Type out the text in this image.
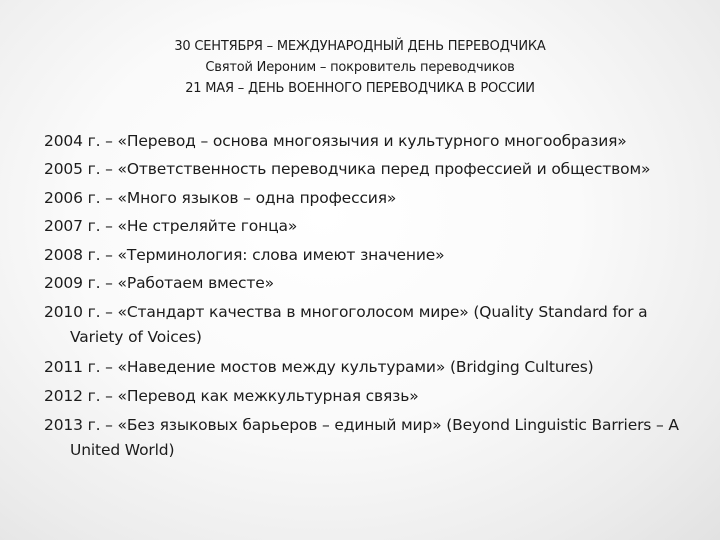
30 СЕНТЯБРЯ – МЕЖДУНАРОДНЫЙ ДЕНЬ ПЕРЕВОДЧИКА
Святой Иероним – покровитель переводчиков
21 МАЯ – ДЕНЬ ВОЕННОГО ПЕРЕВОДЧИКА В РОССИИ
2004 г. – «Перевод – основа многоязычия и культурного многообразия»
2005 г. – «Ответственность переводчика перед профессией и обществом»
2006 г. – «Много языков – одна профессия»
2007 г. – «Не стреляйте гонца»
2008 г. – «Терминология: слова имеют значение»
2009 г. – «Работаем вместе»
2010 г. – «Стандарт качества в многоголосом мире» (Quality Standard for a Variety of Voices)
2011 г. – «Наведение мостов между культурами» (Bridging Cultures)
2012 г. – «Перевод как межкультурная связь»
2013 г. – «Без языковых барьеров – единый мир» (Beyond Linguistic Barriers – A United World)
